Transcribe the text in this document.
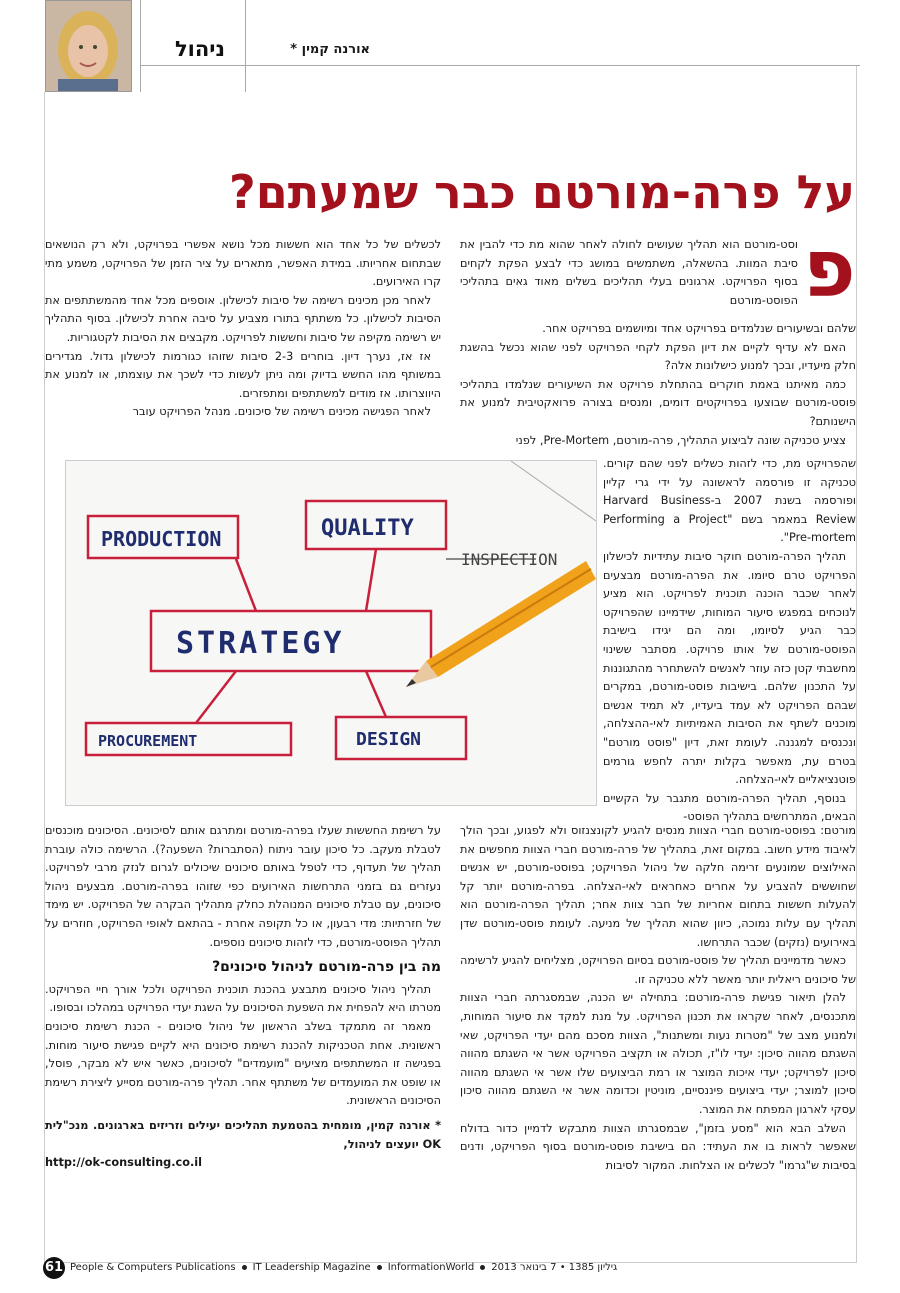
ניהול	אורנה קמין *
על פרה-מורטם כבר שמעתם?
פ

וסט-מורטם הוא תהליך שעושים לחולה לאחר שהוא מת כדי להבין את סיבת המוות. בהשאלה, משתמשים במושג כדי לבצע הפקת לקחים בסוף הפרויקט. ארגונים בעלי תהליכים בשלים מאוד גאים בתהליכי הפוסט-מורטם

שלהם ובשיעורים שנלמדים בפרויקט אחד ומיושמים בפרויקט אחר.

האם לא עדיף לקיים את דיון הפקת לקחי הפרויקט לפני שהוא נכשל בהשגת חלק מיעדיו, ובכך למנוע כישלונות אלה?

כמה מאיתנו באמת חוקרים בהתחלת פרויקט את השיעורים שנלמדו בתהליכי פוסט-מורטם שבוצעו בפרויקטים דומים, ומנסים בצורה פרואקטיבית למנוע את הישנותם?

צציע טכניקה שונה לביצוע התהליך, פרה-מורטם, Pre-Mortem, לפני

שהפרויקט מת, כדי לזהות כשלים לפני שהם קורים. טכניקה זו פורסמה לראשונה על ידי גרי קליין ופורסמה בשנת 2007 ב-Harvard Business Review במאמר בשם "Performing a Project Pre-mortem".

תהליך הפרה-מורטם חוקר סיבות עתידיות לכישלון הפרויקט טרם סיומו. את הפרה-מורטם מבצעים לאחר שכבר הוכנה תוכנית לפרויקט. הוא מציע לנוכחים במפגש סיעור המוחות, שידמיינו שהפרויקט כבר הגיע לסיומו, ומה הם יגידו בישיבת הפוסט-מורטם של אותו פרויקט. מסתבר ששינוי מחשבתי קטן כזה עוזר לאנשים להשתחרר מהתגוננות על התכנון שלהם. בישיבות פוסט-מורטם, במקרים שבהם הפרויקט לא עמד ביעדיו, לא תמיד אנשים מוכנים לשתף את הסיבות האמיתיות לאי-ההצלחה, ונכנסים למגננה. לעומת זאת, דיון "פוסט מורטם" בטרם עת, מאפשר בקלות יתרה לחפש גורמים פוטנציאליים לאי-הצלחה.

בנוסף, תהליך הפרה-מורטם מתגבר על הקשיים הבאים, המתרחשים בתהליך הפוסט-

מורטם: בפוסט-מורטם חברי הצוות מנסים להגיע לקונצנזוס ולא לפגוע, ובכך הולך לאיבוד מידע חשוב. במקום זאת, בתהליך של פרה-מורטם חברי הצוות מחפשים את האילוצים שמונעים זרימה חלקה של ניהול הפרויקט; בפוסט-מורטם, יש אנשים שחוששים להצביע על אחרים כאחראים לאי-הצלחה. בפרה-מורטם יותר קל להעלות חששות בתחום אחריות של חבר צוות אחר; תהליך הפרה-מורטם הוא תהליך עם עלות נמוכה, כיוון שהוא תהליך של מניעה. לעומת פוסט-מורטם שדן באירועים (נזקים) שכבר התרחשו.

כאשר מדמיינים תהליך של פוסט-מורטם בסיום הפרויקט, מצליחים להגיע לרשימה של סיכונים ריאלית יותר מאשר ללא טכניקה זו.

להלן תיאור פגישת פרה-מורטם: בתחילה יש הכנה, שבמסגרתה חברי הצוות מתכנסים, לאחר שקראו את תכנון הפרויקט. על מנת למקד את סיעור המוחות, ולמנוע מצב של "מטרות נעות ומשתנות", הצוות מסכם מהם יעדי הפרויקט, שאי השגתם מהווה סיכון: יעדי לו"ז, תכולה או תקציב הפרויקט אשר אי השגתם מהווה סיכון לפרויקט; יעדי איכות המוצר או רמת הביצועים שלו אשר אי השגתם מהווה סיכון למוצר; יעדי ביצועים פיננסיים, מוניטין וכדומה אשר אי השגתם מהווה סיכון עסקי לארגון המפתח את המוצר.

השלב הבא הוא "מסע בזמן", שבמסגרתו הצוות מתבקש לדמיין כדור בדולח שאפשר לראות בו את העתיד: הם בישיבת פוסט-מורטם בסוף הפרויקט, ודנים בסיבות ש"גרמו" לכשלים או הצלחות. המקור לסיבות

לכשלים של כל אחד הוא חששות מכל נושא אפשרי בפרויקט, ולא רק הנושאים שבתחום אחריותו. במידת האפשר, מתארים על ציר הזמן של הפרויקט, משמע מתי קרו האירועים.

לאחר מכן מכינים רשימה של סיבות לכישלון. אוספים מכל אחד מהמשתתפים את הסיבות לכישלון. כל משתתף בתורו מצביע על סיבה אחרת לכישלון. בסוף התהליך יש רשימה מקיפה של סיבות וחששות לפרויקט. מקבצים את הסיבות לקטגוריות.

אז אז, נערך דיון. בוחרים 2-3 סיבות שזוהו כגורמות לכישלון גדול. מגדירים במשותף מהו החשש בדיוק ומה ניתן לעשות כדי לשכך את עוצמתו, או למנוע את היווצרותו. אז מודים למשתתפים ומתפזרים.

לאחר הפגישה מכינים רשימה של סיכונים. מנהל הפרויקט עובר

PRODUCTION	QUALITY
INSPECTION
STRATEGY
PROCUREMENT	DESIGN

על רשימת החששות שעלו בפרה-מורטם ומתרגם אותם לסיכונים. הסיכונים מוכנסים לטבלת מעקב. כל סיכון עובר ניתוח (הסתברות? השפעה?). הרשימה כולה עוברת תהליך של תעדוף, כדי לטפל באותם סיכונים שיכולים לגרום לנזק מרבי לפרויקט. נעזרים גם בזמני התרחשות האירועים כפי שזוהו בפרה-מורטם. מבצעים ניהול סיכונים, עם טבלת סיכונים המנוהלת כחלק מתהליך הבקרה של הפרויקט. יש מימד של חזרתיות: מדי רבעון, או כל תקופה אחרת - בהתאם לאופי הפרויקט, חוזרים על תהליך הפוסט-מורטם, כדי לזהות סיכונים נוספים.

מה בין פרה-מורטם לניהול סיכונים?

תהליך ניהול סיכונים מתבצע בהכנת תוכנית הפרויקט ולכל אורך חיי הפרויקט. מטרתו היא להפחית את השפעת הסיכונים על השגת יעדי הפרויקט במהלכו ובסופו.

מאמר זה מתמקד בשלב הראשון של ניהול סיכונים - הכנת רשימת סיכונים ראשונית. אחת הטכניקות להכנת רשימת סיכונים היא לקיים פגישת סיעור מוחות. בפגישה זו המשתתפים מציעים "מועמדים" לסיכונים, כאשר איש לא מבקר, פוסל, או שופט את המועמדים של משתתף אחר. תהליך פרה-מורטם מסייע ליצירת רשימת הסיכונים הראשונית.

* אורנה קמין, מומחית בהטמעת תהליכים יעילים וזריזים בארגונים. מנכ"לית OK יועצים לניהול,

http://ok-consulting.co.il

61 People & Computers Publications IT Leadership Magazine InformationWorld גיליון 1385 • 7 בינואר 2013
